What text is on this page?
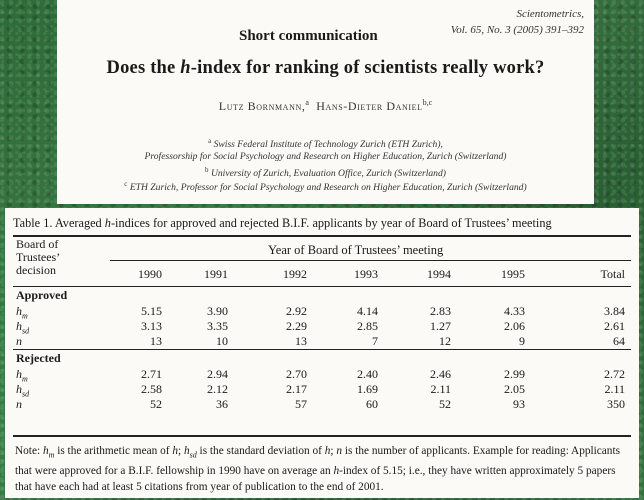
Scientometrics,
Vol. 65, No. 3 (2005) 391–392
Short communication
Does the h-index for ranking of scientists really work?
Lutz Bornmann,$^a$ Hans-Dieter Daniel$^{b,c}$
$^a$ Swiss Federal Institute of Technology Zurich (ETH Zurich),
Professorship for Social Psychology and Research on Higher Education, Zurich (Switzerland)
$^b$ University of Zurich, Evaluation Office, Zurich (Switzerland)
$^c$ ETH Zurich, Professor for Social Psychology and Research on Higher Education, Zurich (Switzerland)
Table 1. Averaged h-indices for approved and rejected B.I.F. applicants by year of Board of Trustees’ meeting
Board of
Trustees’
decision
Year of Board of Trustees’ meeting
1990	1991	1992	1993	1994	1995	Total
Approved
$h_m$	5.15	3.90	2.92	4.14	2.83	4.33	3.84
$h_{sd}$	3.13	3.35	2.29	2.85	1.27	2.06	2.61
n	13	10	13	7	12	9	64
Rejected
$h_m$	2.71	2.94	2.70	2.40	2.46	2.99	2.72
$h_{sd}$	2.58	2.12	2.17	1.69	2.11	2.05	2.11
n	52	36	57	60	52	93	350
Note: $h_m$ is the arithmetic mean of h; $h_{sd}$ is the standard deviation of h; n is the number of applicants. Example for reading: Applicants that were approved for a B.I.F. fellowship in 1990 have on average an h-index of 5.15; i.e., they have written approximately 5 papers that have each had at least 5 citations from year of publication to the end of 2001.
